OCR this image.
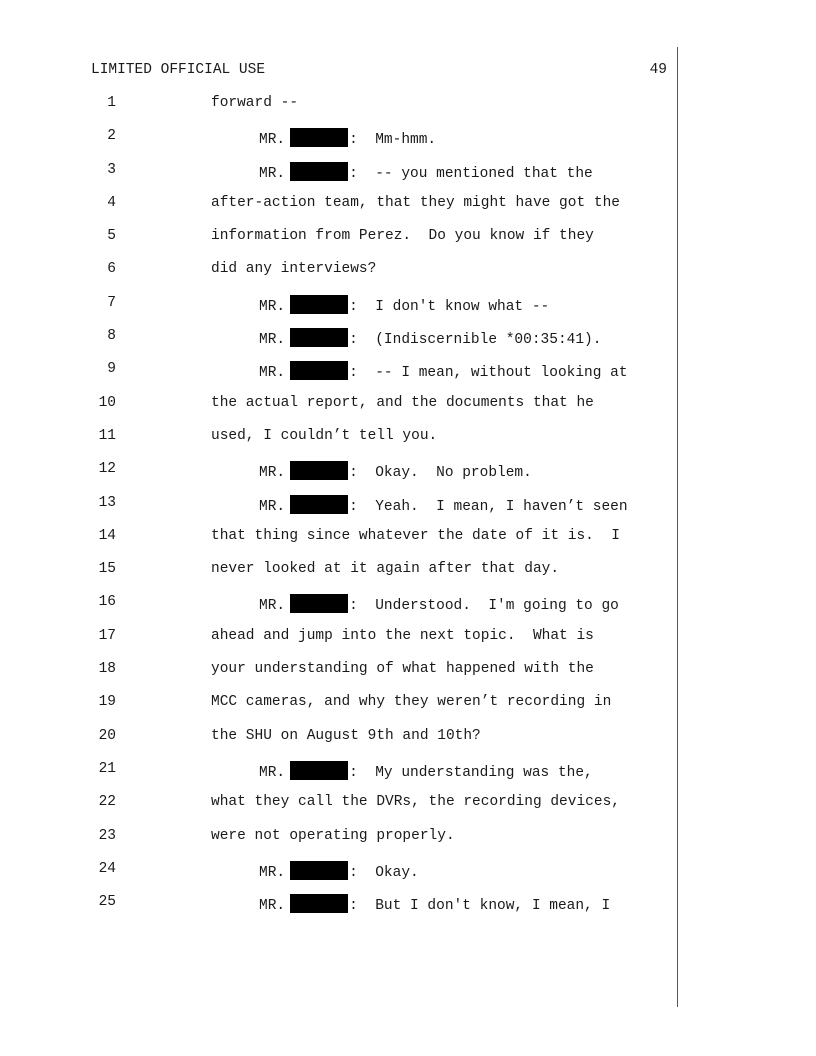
LIMITED OFFICIAL USE	49
1	forward --
2	MR.	:  Mm-hmm.
3	MR.	:  -- you mentioned that the
4	after-action team, that they might have got the
5	information from Perez.  Do you know if they
6	did any interviews?
7	MR.	:  I don't know what --
8	MR.	:  (Indiscernible *00:35:41).
9	MR.	:  -- I mean, without looking at
10	the actual report, and the documents that he
11	used, I couldn’t tell you.
12	MR.	:  Okay.  No problem.
13	MR.	:  Yeah.  I mean, I haven’t seen
14	that thing since whatever the date of it is.  I
15	never looked at it again after that day.
16	MR.	:  Understood.  I'm going to go
17	ahead and jump into the next topic.  What is
18	your understanding of what happened with the
19	MCC cameras, and why they weren’t recording in
20	the SHU on August 9th and 10th?
21	MR.	:  My understanding was the,
22	what they call the DVRs, the recording devices,
23	were not operating properly.
24	MR.	:  Okay.
25	MR.	:  But I don't know, I mean, I
